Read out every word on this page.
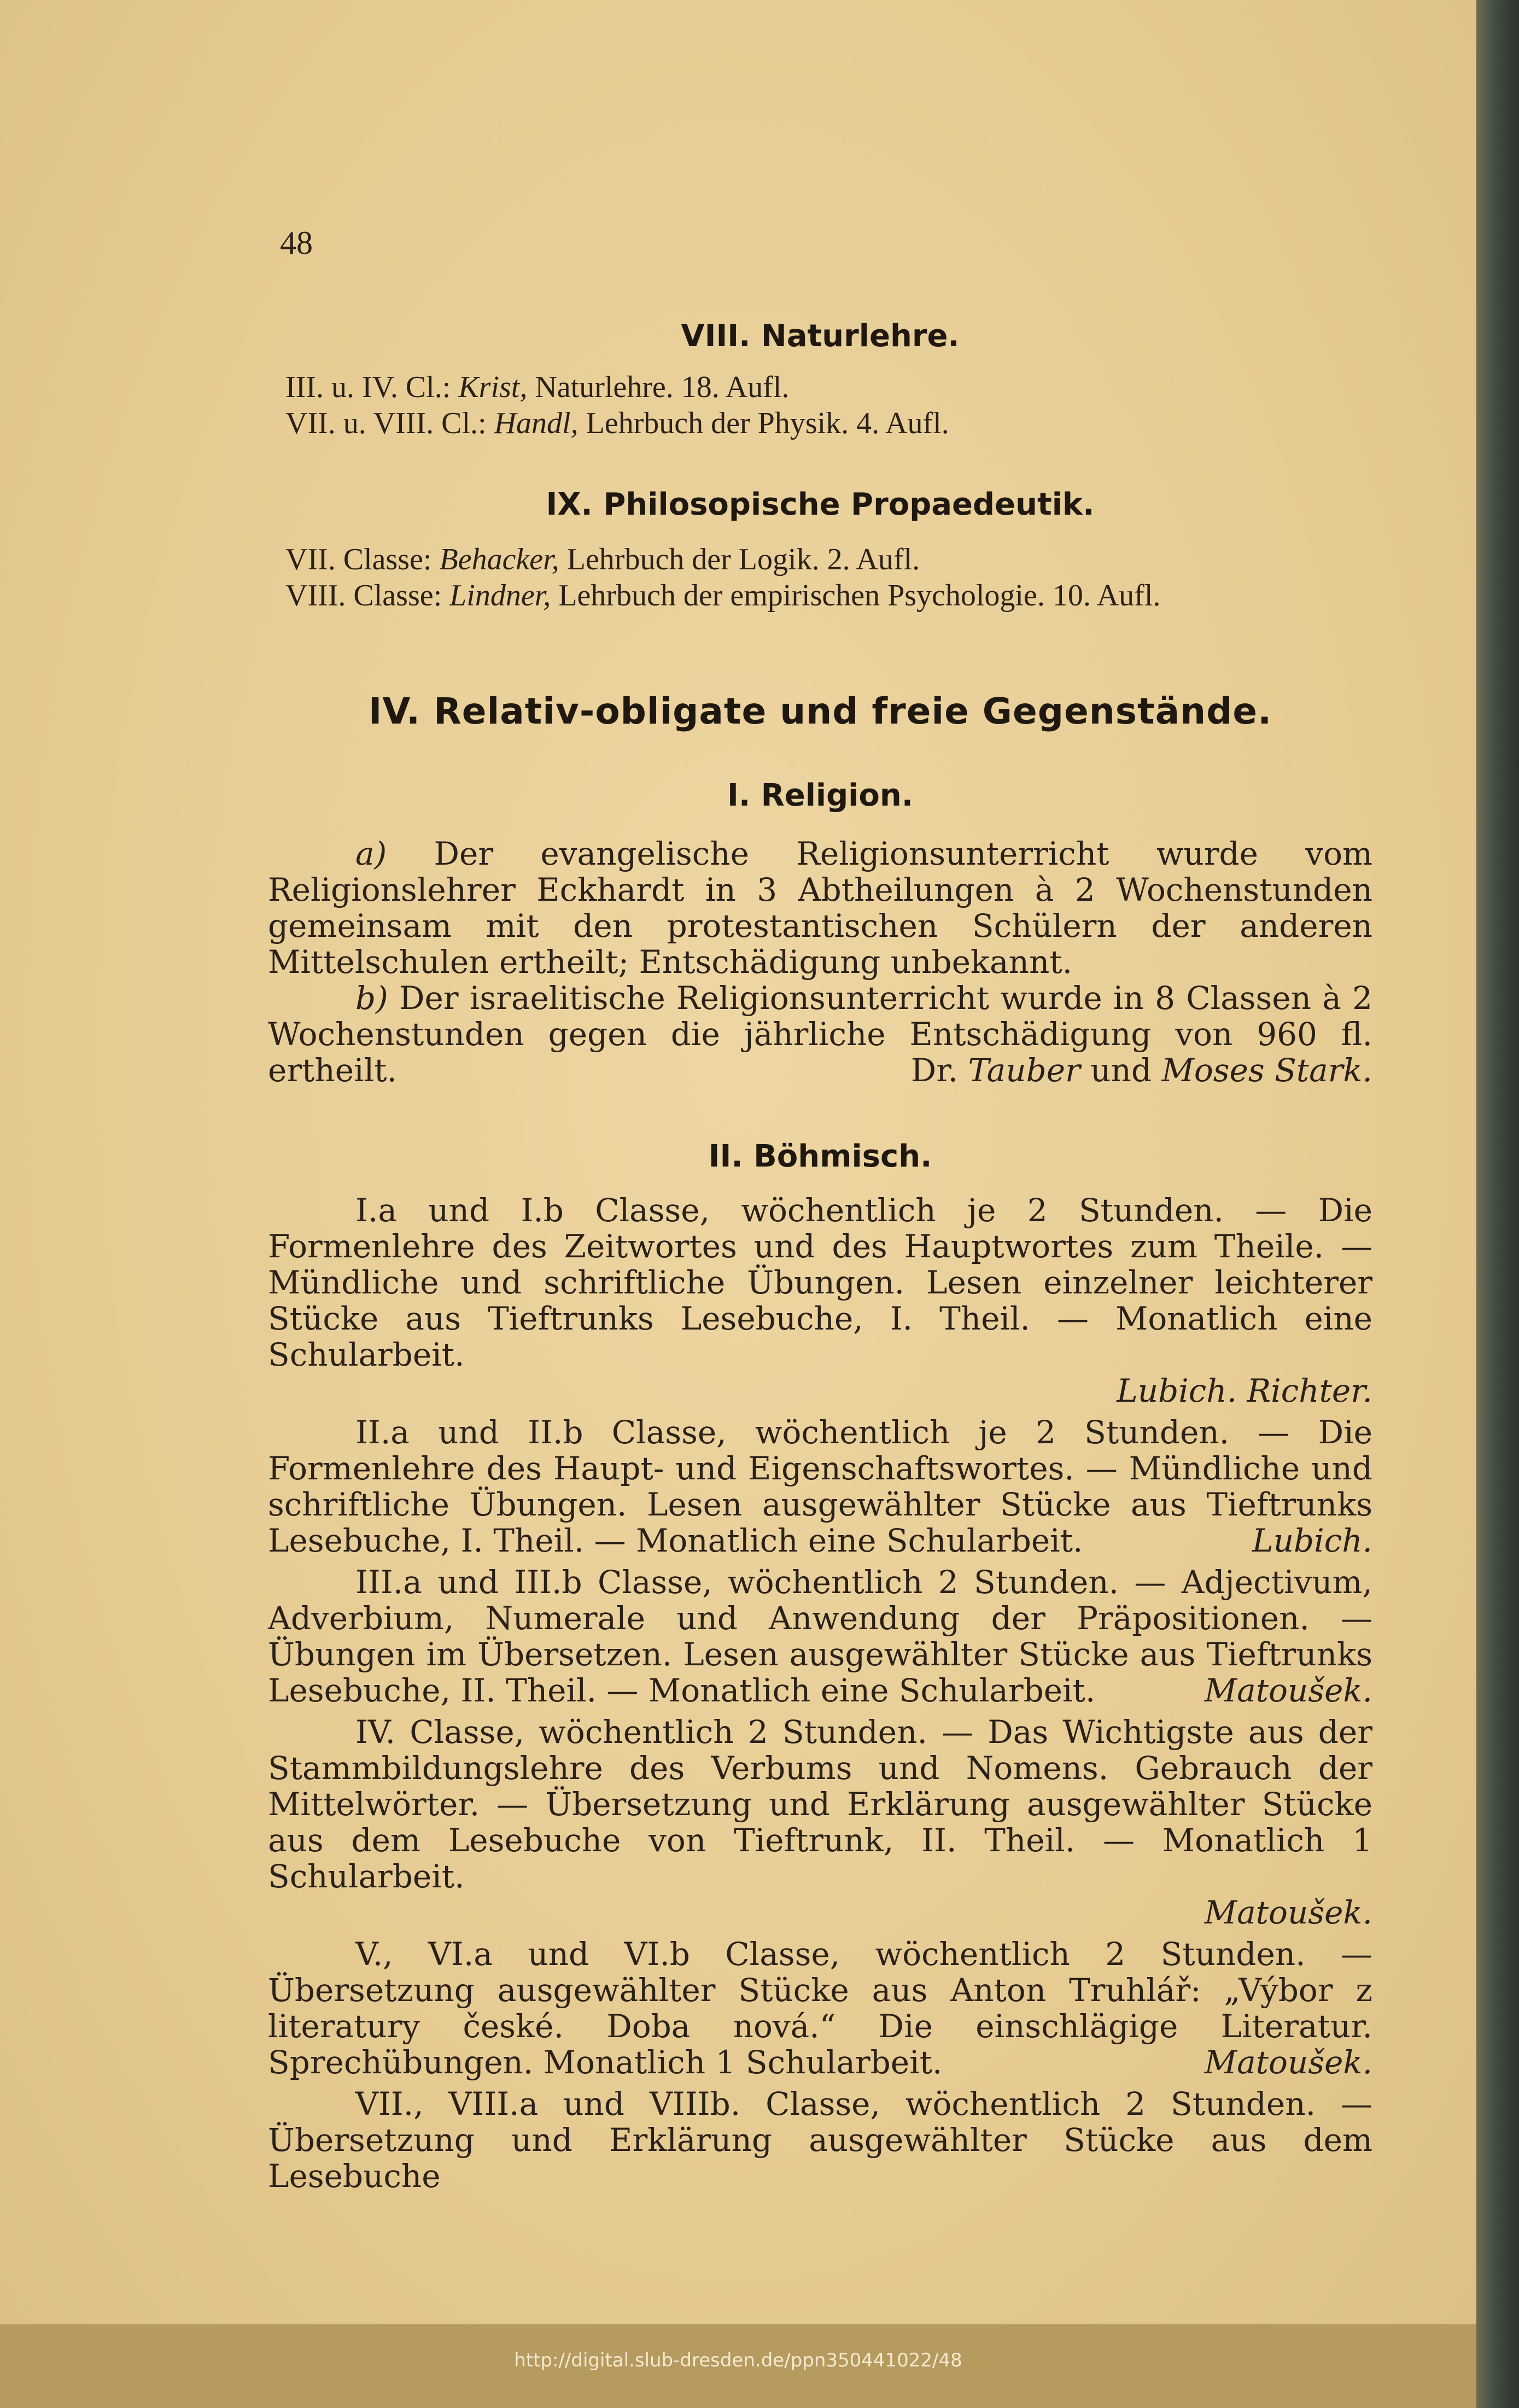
48
VIII. Naturlehre.
III. u. IV. Cl.: Krist, Naturlehre. 18. Aufl.
VII. u. VIII. Cl.: Handl, Lehrbuch der Physik. 4. Aufl.
IX. Philosopische Propaedeutik.
VII. Classe: Behacker, Lehrbuch der Logik. 2. Aufl.
VIII. Classe: Lindner, Lehrbuch der empirischen Psychologie. 10. Aufl.
IV. Relativ-obligate und freie Gegenstände.
I. Religion.
a) Der evangelische Religionsunterricht wurde vom Religionslehrer Eckhardt in 3 Abtheilungen à 2 Wochenstunden gemeinsam mit den protestantischen Schülern der anderen Mittelschulen ertheilt; Entschädigung unbekannt.
b) Der israelitische Religionsunterricht wurde in 8 Classen à 2 Wochenstunden gegen die jährliche Entschädigung von 960 fl. ertheilt.	Dr. Tauber und Moses Stark.
II. Böhmisch.
I.a und I.b Classe, wöchentlich je 2 Stunden. — Die Formenlehre des Zeitwortes und des Hauptwortes zum Theile. — Mündliche und schriftliche Übungen. Lesen einzelner leichterer Stücke aus Tieftrunks Lesebuche, I. Theil. — Monatlich eine Schularbeit.
Lubich. Richter.
II.a und II.b Classe, wöchentlich je 2 Stunden. — Die Formenlehre des Haupt- und Eigenschaftswortes. — Mündliche und schriftliche Übungen. Lesen ausgewählter Stücke aus Tieftrunks Lesebuche, I. Theil. — Monatlich eine Schularbeit.	Lubich.
III.a und III.b Classe, wöchentlich 2 Stunden. — Adjectivum, Adverbium, Numerale und Anwendung der Präpositionen. — Übungen im Übersetzen. Lesen ausgewählter Stücke aus Tieftrunks Lesebuche, II. Theil. — Monatlich eine Schularbeit.	Matoušek.
IV. Classe, wöchentlich 2 Stunden. — Das Wichtigste aus der Stammbildungslehre des Verbums und Nomens. Gebrauch der Mittelwörter. — Übersetzung und Erklärung ausgewählter Stücke aus dem Lesebuche von Tieftrunk, II. Theil. — Monatlich 1 Schularbeit.
Matoušek.
V., VI.a und VI.b Classe, wöchentlich 2 Stunden. — Übersetzung ausgewählter Stücke aus Anton Truhlář: „Výbor z literatury české. Doba nová.“ Die einschlägige Literatur. Sprechübungen. Monatlich 1 Schularbeit.	Matoušek.
VII., VIII.a und VIIIb. Classe, wöchentlich 2 Stunden. — Übersetzung und Erklärung ausgewählter Stücke aus dem Lesebuche
http://digital.slub-dresden.de/ppn350441022/48
